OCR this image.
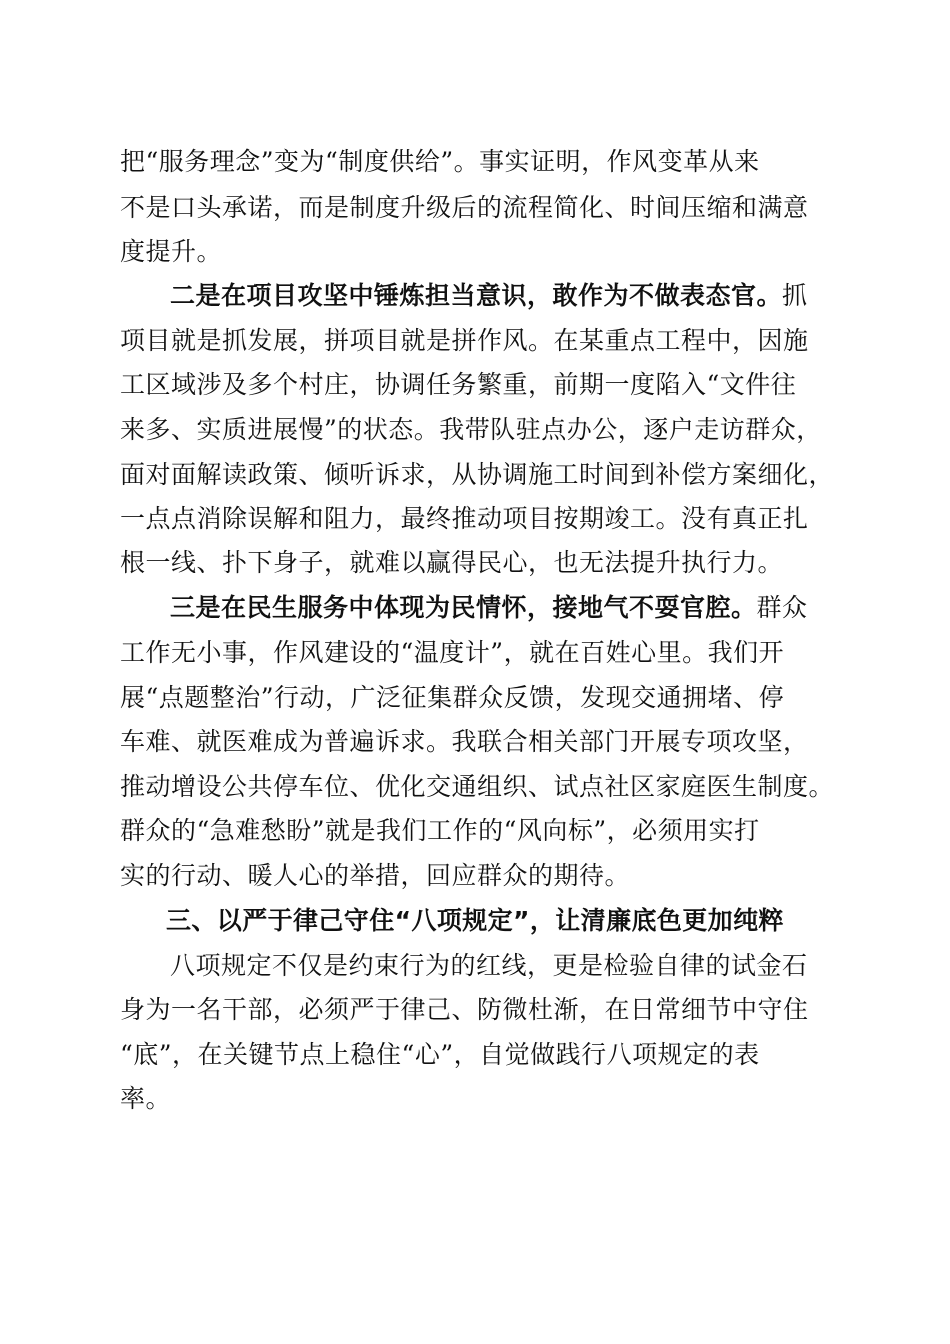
把“服务理念”变为“制度供给”。事实证明，作风变革从来
不是口头承诺，而是制度升级后的流程简化、时间压缩和满意
度提升。
二是在项目攻坚中锤炼担当意识，敢作为不做表态官。抓
项目就是抓发展，拼项目就是拼作风。在某重点工程中，因施
工区域涉及多个村庄，协调任务繁重，前期一度陷入“文件往
来多、实质进展慢”的状态。我带队驻点办公，逐户走访群众，
面对面解读政策、倾听诉求，从协调施工时间到补偿方案细化，
一点点消除误解和阻力，最终推动项目按期竣工。没有真正扎
根一线、扑下身子，就难以赢得民心，也无法提升执行力。
三是在民生服务中体现为民情怀，接地气不耍官腔。群众
工作无小事，作风建设的“温度计”，就在百姓心里。我们开
展“点题整治”行动，广泛征集群众反馈，发现交通拥堵、停
车难、就医难成为普遍诉求。我联合相关部门开展专项攻坚，
推动增设公共停车位、优化交通组织、试点社区家庭医生制度。
群众的“急难愁盼”就是我们工作的“风向标”，必须用实打
实的行动、暖人心的举措，回应群众的期待。
三、以严于律己守住“八项规定”，让清廉底色更加纯粹
八项规定不仅是约束行为的红线，更是检验自律的试金石
身为一名干部，必须严于律己、防微杜渐，在日常细节中守住
“底”，在关键节点上稳住“心”，自觉做践行八项规定的表
率。
